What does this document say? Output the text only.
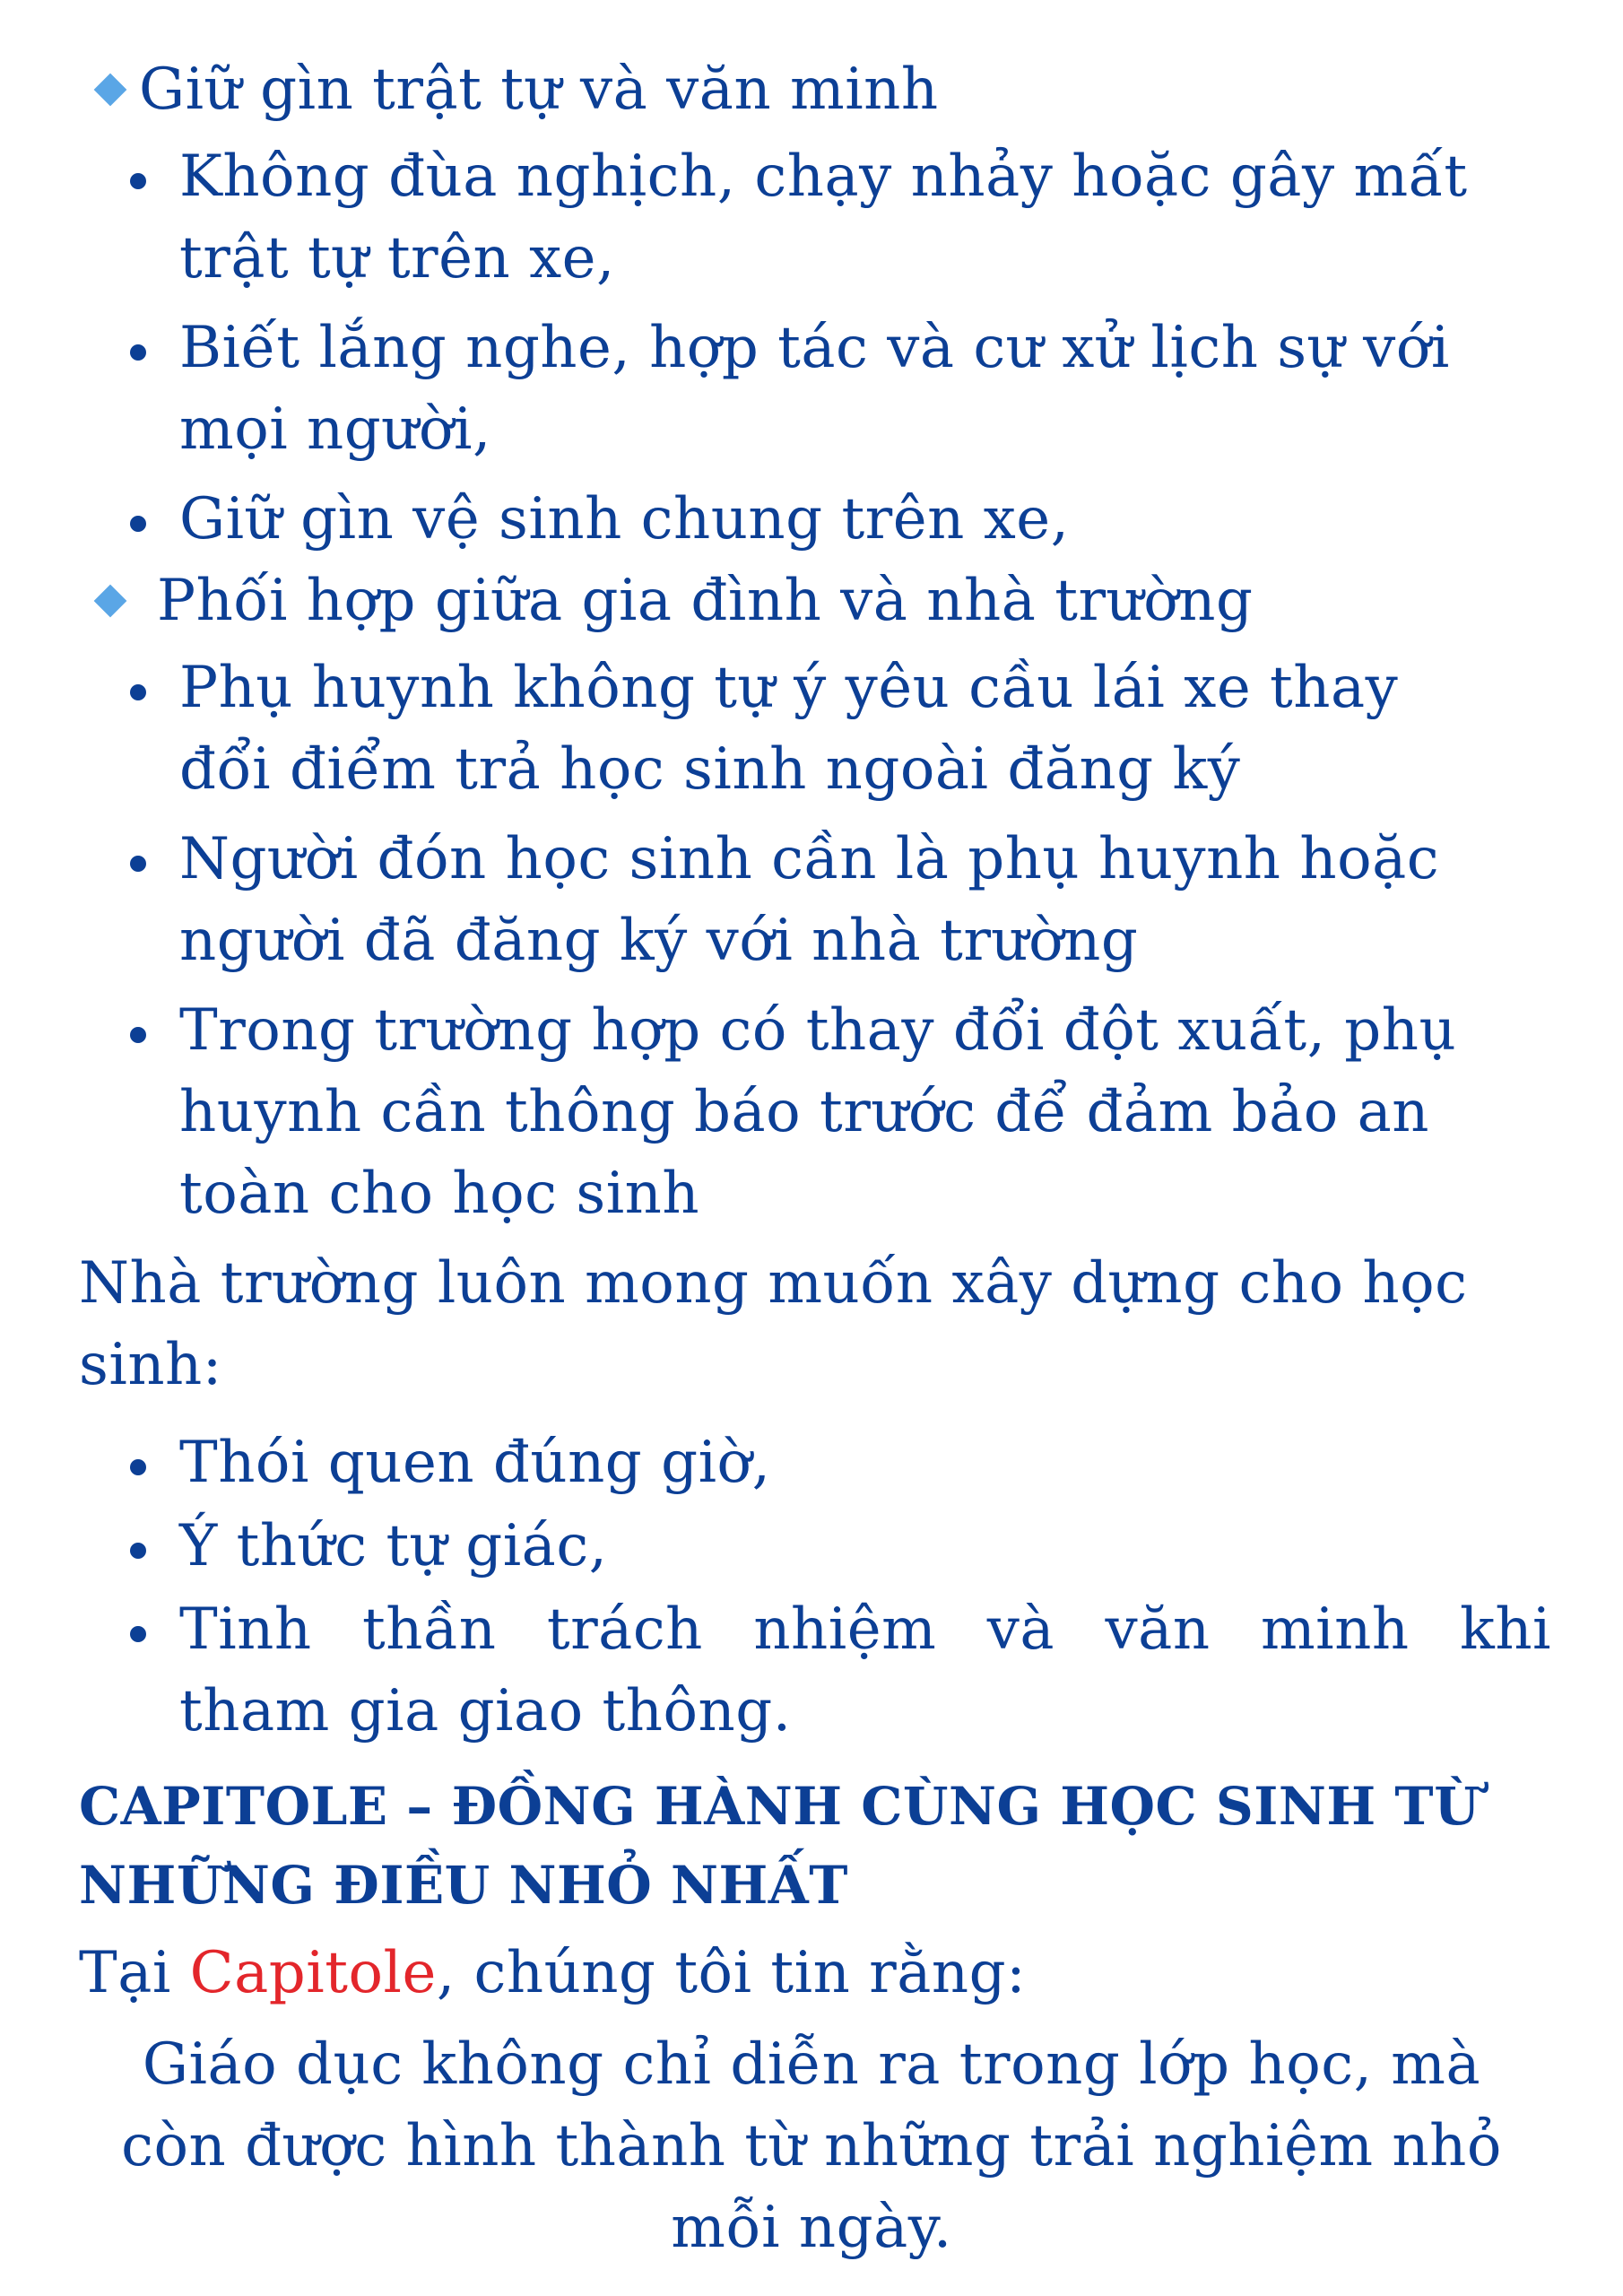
Giữ gìn trật tự và văn minh
Không đùa nghịch, chạy nhảy hoặc gây mất
trật tự trên xe,
Biết lắng nghe, hợp tác và cư xử lịch sự với
mọi người,
Giữ gìn vệ sinh chung trên xe,
Phối hợp giữa gia đình và nhà trường
Phụ huynh không tự ý yêu cầu lái xe thay
đổi điểm trả học sinh ngoài đăng ký
Người đón học sinh cần là phụ huynh hoặc
người đã đăng ký với nhà trường
Trong trường hợp có thay đổi đột xuất, phụ
huynh cần thông báo trước để đảm bảo an
toàn cho học sinh
Nhà trường luôn mong muốn xây dựng cho học
sinh:
Thói quen đúng giờ,
Ý thức tự giác,
Tinh thần trách nhiệm và văn minh khi
tham gia giao thông.
CAPITOLE – ĐỒNG HÀNH CÙNG HỌC SINH TỪ
NHỮNG ĐIỀU NHỎ NHẤT
Tại Capitole, chúng tôi tin rằng:
Giáo dục không chỉ diễn ra trong lớp học, mà
còn được hình thành từ những trải nghiệm nhỏ
mỗi ngày.
